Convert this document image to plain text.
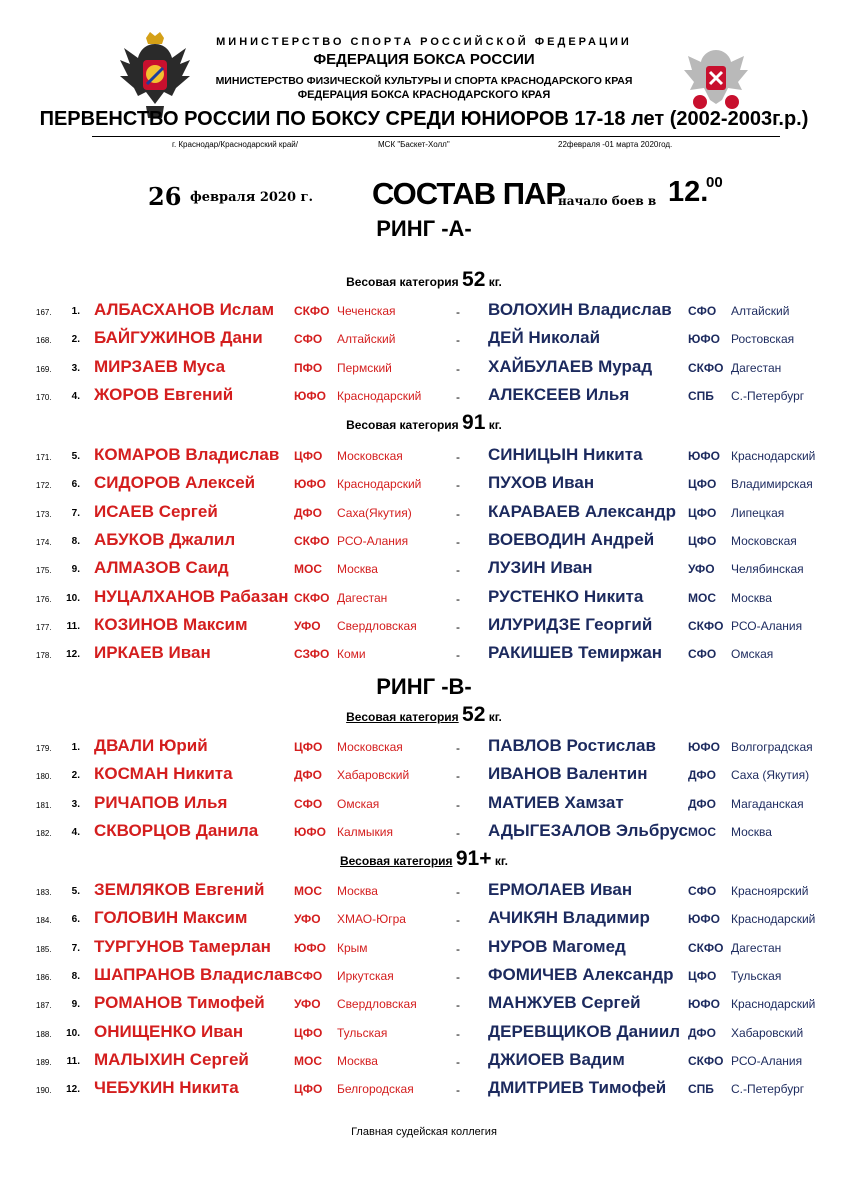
МИНИСТЕРСТВО СПОРТА РОССИЙСКОЙ ФЕДЕРАЦИИ
ФЕДЕРАЦИЯ БОКСА РОССИИ
МИНИСТЕРСТВО ФИЗИЧЕСКОЙ КУЛЬТУРЫ И СПОРТА КРАСНОДАРСКОГО КРАЯ
ФЕДЕРАЦИЯ БОКСА КРАСНОДАРСКОГО КРАЯ
ПЕРВЕНСТВО РОССИИ ПО БОКСУ СРЕДИ ЮНИОРОВ 17-18 лет (2002-2003г.р.)
г. Краснодар/Краснодарский край/	МСК "Баскет-Холл"	22февраля -01 марта 2020год.
26 февраля 2020 г. СОСТАВ ПАР
начало боев в 12.
00
РИНГ -А-
Весовая категория 52 кг.
167.	1. АЛБАСХАНОВ Ислам СКФО Чеченская	- ВОЛОХИН Владислав СФО Алтайский
168.	2. БАЙГУЖИНОВ Дани	СФО Алтайский	- ДЕЙ Николай	ЮФО Ростовская
169.	3. МИРЗАЕВ Муса	ПФО Пермский	- ХАЙБУЛАЕВ Мурад	СКФО Дагестан
170.	4. ЖОРОВ Евгений	ЮФО Краснодарский	- АЛЕКСЕЕВ Илья	СПБ С.-Петербург
Весовая категория 91 кг.
171.	5. КОМАРОВ Владислав ЦФО Московская	- СИНИЦЫН Никита	ЮФО Краснодарский
172.	6. СИДОРОВ Алексей	ЮФО Краснодарский	- ПУХОВ Иван	ЦФО Владимирская
173.	7. ИСАЕВ Сергей	ДФО Саха(Якутия)	- КАРАВАЕВ Александр ЦФО Липецкая
174.	8. АБУКОВ Джалил	СКФО РСО-Алания	- ВОЕВОДИН Андрей	ЦФО Московская
175.	9. АЛМАЗОВ Саид	МОС Москва	- ЛУЗИН Иван	УФО Челябинская
176.	10. НУЦАЛХАНОВ Рабазан СКФО Дагестан	- РУСТЕНКО Никита	МОС Москва
177.	11. КОЗИНОВ Максим	УФО Свердловская	- ИЛУРИДЗЕ Георгий	СКФО РСО-Алания
178.	12. ИРКАЕВ Иван	СЗФО Коми	- РАКИШЕВ Темиржан СФО Омская
РИНГ -В-
Весовая категория 52 кг.
179.	1. ДВАЛИ Юрий	ЦФО Московская	- ПАВЛОВ Ростислав	ЮФО Волгоградская
180.	2. КОСМАН Никита	ДФО Хабаровский	- ИВАНОВ Валентин	ДФО Саха (Якутия)
181.	3. РИЧАПОВ Илья	СФО Омская	- МАТИЕВ Хамзат	ДФО Магаданская
182.	4. СКВОРЦОВ Данила	ЮФО Калмыкия	- АДЫГЕЗАЛОВ Эльбрус МОС Москва
Весовая категория 91+ кг.
183.	5. ЗЕМЛЯКОВ Евгений МОС Москва	- ЕРМОЛАЕВ Иван	СФО Красноярский
184.	6. ГОЛОВИН Максим	УФО ХМАО-Югра	- АЧИКЯН Владимир	ЮФО Краснодарский
185.	7. ТУРГУНОВ Тамерлан ЮФО Крым	- НУРОВ Магомед	СКФО Дагестан
186.	8. ШАПРАНОВ Владислав СФО Иркутская	- ФОМИЧЕВ Александр ЦФО Тульская
187.	9. РОМАНОВ Тимофей УФО Свердловская	- МАНЖУЕВ Сергей	ЮФО Краснодарский
188.	10. ОНИЩЕНКО Иван	ЦФО Тульская	- ДЕРЕВЩИКОВ Даниил ДФО Хабаровский
189.	11. МАЛЫХИН Сергей	МОС Москва	- ДЖИОЕВ Вадим	СКФО РСО-Алания
190.	12. ЧЕБУКИН Никита	ЦФО Белгородская	- ДМИТРИЕВ Тимофей СПБ С.-Петербург
Главная судейская коллегия
